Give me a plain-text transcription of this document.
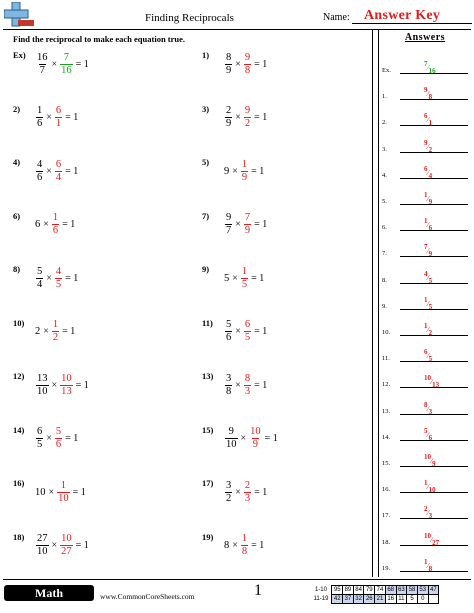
Finding Reciprocals	Name: Answer Key
Find the reciprocal to make each equation true.	Answers
$Ex) \frac{16}{7} \times \frac{7}{16} = 1$
$1) \frac{8}{9} \times \frac{9}{8} = 1$
$2) \frac{1}{6} \times \frac{6}{1} = 1$
$3) \frac{2}{9} \times \frac{9}{2} = 1$
$4) \frac{4}{6} \times \frac{6}{4} = 1$
5)
$9 \times \frac{1}{9} = 1$
6)
$6 \times \frac{1}{6} = 1$
$7) \frac{9}{7} \times \frac{7}{9} = 1$
$8) \frac{5}{4} \times \frac{4}{5} = 1$
9)
$5 \times \frac{1}{5} = 1$
10)
$2 \times \frac{1}{2} = 1$
$11) \frac{5}{6} \times \frac{6}{5} = 1$
$12) \frac{13}{10} \times \frac{10}{13} = 1$
$13) \frac{3}{8} \times \frac{8}{3} = 1$
$14) \frac{6}{5} \times \frac{5}{6} = 1$
$15) \frac{9}{10} \times \frac{10}{9} = 1$
16)
$10 \times \frac{1}{10} = 1$
$17) \frac{3}{2} \times \frac{2}{3} = 1$
$18) \frac{27}{10} \times \frac{10}{27} = 1$
19)
$8 \times \frac{1}{8} = 1$
Ex.
7⁄16
1.
9⁄8
2.
6⁄1
3.
9⁄2
4.
6⁄4
5.
1⁄9
6.
1⁄6
7.
7⁄9
8.
4⁄5
9.
1⁄5
10.
1⁄2
11.
6⁄5
12.
10⁄13
13.
8⁄3
14.
5⁄6
15.
10⁄9
16.
1⁄10
17.
2⁄3
18.
10⁄27
19.
1⁄8
Math	www.CommonCoreSheets.com	1	1-10	95	89	84	79	74	68	63	58	53	47
11-19	42	37	32	26	21	16	11	5	0	
